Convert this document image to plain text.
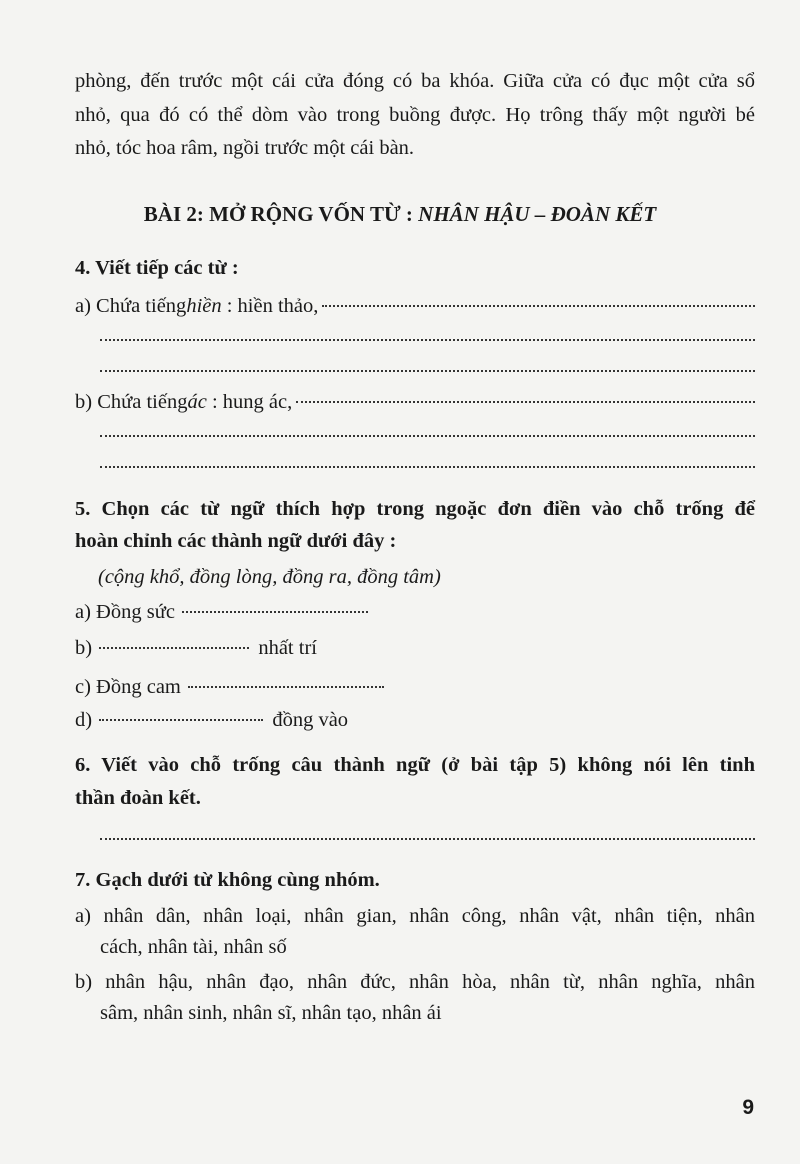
phòng, đến trước một cái cửa đóng có ba khóa. Giữa cửa có đục một cửa sổ
nhỏ, qua đó có thể dòm vào trong buồng được. Họ trông thấy một người bé
nhỏ, tóc hoa râm, ngồi trước một cái bàn.
BÀI 2: MỞ RỘNG VỐN TỪ : NHÂN HẬU – ĐOÀN KẾT
4. Viết tiếp các từ :
a) Chứa tiếng hiền : hiền thảo,
b) Chứa tiếng ác : hung ác,
5. Chọn các từ ngữ thích hợp trong ngoặc đơn điền vào chỗ trống để
hoàn chỉnh các thành ngữ dưới đây :
(cộng khổ, đồng lòng, đồng ra, đồng tâm)
a) Đồng sức
b)	nhất trí
c) Đồng cam
d)	đồng vào
6. Viết vào chỗ trống câu thành ngữ (ở bài tập 5) không nói lên tinh
thần đoàn kết.
7. Gạch dưới từ không cùng nhóm.
a) nhân dân, nhân loại, nhân gian, nhân công, nhân vật, nhân tiện, nhân
cách, nhân tài, nhân số
b) nhân hậu, nhân đạo, nhân đức, nhân hòa, nhân từ, nhân nghĩa, nhân
sâm, nhân sinh, nhân sĩ, nhân tạo, nhân ái
9
